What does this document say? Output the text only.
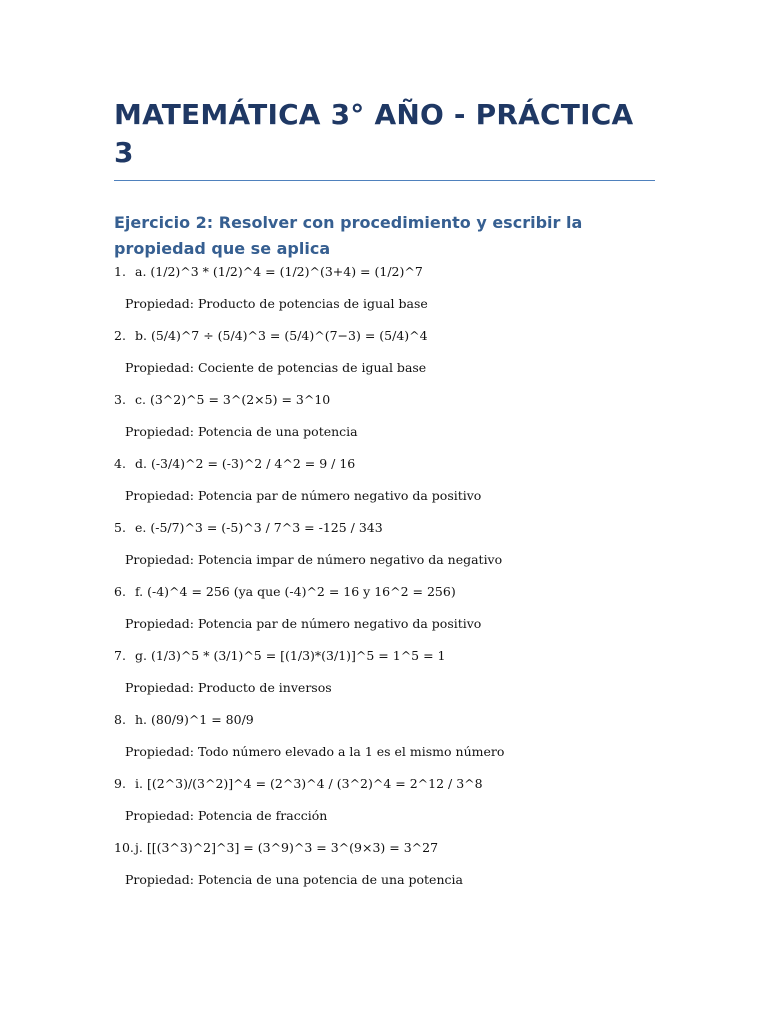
MATEMÁTICA 3° AÑO - PRÁCTICA 3
Ejercicio 2: Resolver con procedimiento y escribir la propiedad que se aplica
1. a. (1/2)^3 * (1/2)^4 = (1/2)^(3+4) = (1/2)^7
Propiedad: Producto de potencias de igual base
2. b. (5/4)^7 ÷ (5/4)^3 = (5/4)^(7−3) = (5/4)^4
Propiedad: Cociente de potencias de igual base
3. c. (3^2)^5 = 3^(2×5) = 3^10
Propiedad: Potencia de una potencia
4. d. (-3/4)^2 = (-3)^2 / 4^2 = 9 / 16
Propiedad: Potencia par de número negativo da positivo
5. e. (-5/7)^3 = (-5)^3 / 7^3 = -125 / 343
Propiedad: Potencia impar de número negativo da negativo
6. f. (-4)^4 = 256 (ya que (-4)^2 = 16 y 16^2 = 256)
Propiedad: Potencia par de número negativo da positivo
7. g. (1/3)^5 * (3/1)^5 = [(1/3)*(3/1)]^5 = 1^5 = 1
Propiedad: Producto de inversos
8. h. (80/9)^1 = 80/9
Propiedad: Todo número elevado a la 1 es el mismo número
9. i. [(2^3)/(3^2)]^4 = (2^3)^4 / (3^2)^4 = 2^12 / 3^8
Propiedad: Potencia de fracción
10. j. [[(3^3)^2]^3] = (3^9)^3 = 3^(9×3) = 3^27
Propiedad: Potencia de una potencia de una potencia
